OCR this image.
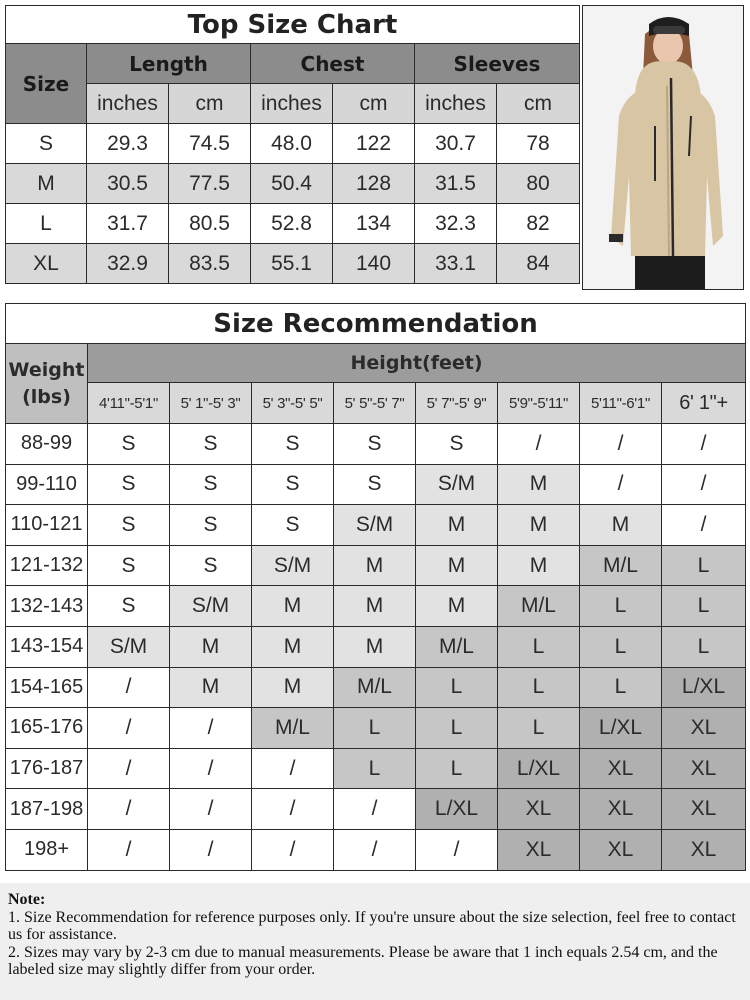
Top Size Chart						
Size	Length		Chest		Sleeves	
	inches	cm	inches	cm	inches	cm
S	29.3	74.5	48.0	122	30.7	78
M	30.5	77.5	50.4	128	31.5	80
L	31.7	80.5	52.8	134	32.3	82
XL	32.9	83.5	55.1	140	33.1	84
Size Recommendation								
Weight
(lbs)	Height(feet)							
	4'11"-5'1"	5' 1"-5' 3"	5' 3"-5' 5"	5' 5"-5' 7"	5' 7"-5' 9"	5'9"-5'11"	5'11"-6'1"	6' 1"+
88-99	S	S	S	S	S	/	/	/
99-110	S	S	S	S	S/M	M	/	/
110-121	S	S	S	S/M	M	M	M	/
121-132	S	S	S/M	M	M	M	M/L	L
132-143	S	S/M	M	M	M	M/L	L	L
143-154	S/M	M	M	M	M/L	L	L	L
154-165	/	M	M	M/L	L	L	L	L/XL
165-176	/	/	M/L	L	L	L	L/XL	XL
176-187	/	/	/	L	L	L/XL	XL	XL
187-198	/	/	/	/	L/XL	XL	XL	XL
198+	/	/	/	/	/	XL	XL	XL
Note:
1. Size Recommendation for reference purposes only. If you're unsure about the size selection, feel free to contact us for assistance.
2. Sizes may vary by 2-3 cm due to manual measurements. Please be aware that 1 inch equals 2.54 cm, and the labeled size may slightly differ from your order.
